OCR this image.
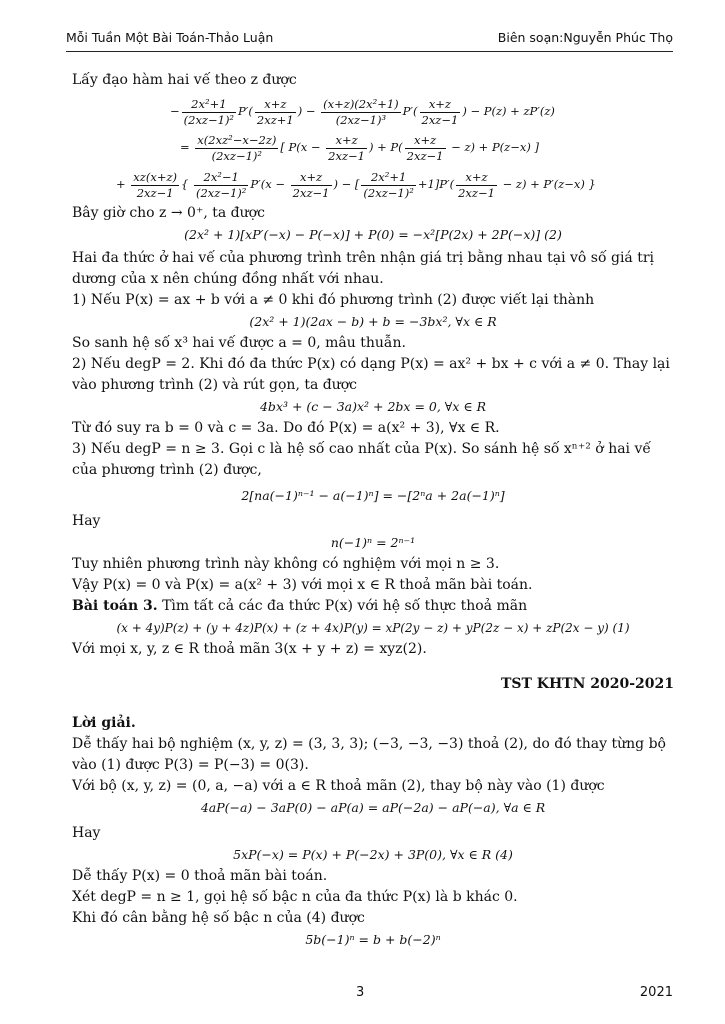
Mỗi Tuần Một Bài Toán-Thảo Luận	Biên soạn:Nguyễn Phúc Thọ

Lấy đạo hàm hai vế theo z được

− $\frac{\text{2x²+1}}{\text{(2xz−1)²}} P'( \frac{x+z}{2xz+1}$ ) − $\frac{\text{(x+z)(2x²+1)}}{\text{(2xz−1)³}} P'( \frac{x+z}{2xz-1}$ ) − P(z) + zP′(z)
= $\frac{\text{x(2xz²−x−2z)}}{\text{(2xz−1)²}}$ [ $P(x - \frac{x+z}{2xz-1}$ ) + $P( \frac{x+z}{2xz-1} - z) + P(z-x)$ ]
+ $\frac{xz(x+z)}{2xz-1}$ { $\frac{\text{2x²−1}}{\text{(2xz−1)²}} P'(x - \frac{x+z}{2xz-1}$ ) − [ $\frac{\text{2x²+1}}{\text{(2xz−1)²}} +1]P'( \frac{x+z}{2xz-1} - z) + P'(z-x)$ }

Bây giờ cho z → 0⁺, ta được

(2x² + 1)[xP′(−x) − P(−x)] + P(0) = −x²[P(2x) + 2P(−x)] (2)

Hai đa thức ở hai vế của phương trình trên nhận giá trị bằng nhau tại vô số giá trị dương của x nên chúng đồng nhất với nhau.

1) Nếu P(x) = ax + b với a ≠ 0 khi đó phương trình (2) được viết lại thành

(2x² + 1)(2ax − b) + b = −3bx², ∀x ∈ R

So sanh hệ số x³ hai vế được a = 0, mâu thuẫn.

2) Nếu degP = 2. Khi đó đa thức P(x) có dạng P(x) = ax² + bx + c với a ≠ 0. Thay lại vào phương trình (2) và rút gọn, ta được

4bx³ + (c − 3a)x² + 2bx = 0, ∀x ∈ R

Từ đó suy ra b = 0 và c = 3a. Do đó P(x) = a(x² + 3), ∀x ∈ R.

3) Nếu degP = n ≥ 3. Gọi c là hệ số cao nhất của P(x). So sánh hệ số xⁿ⁺² ở hai vế của phương trình (2) được,

2[na(−1)ⁿ⁻¹ − a(−1)ⁿ] = −[2ⁿa + 2a(−1)ⁿ]

Hay

n(−1)ⁿ = 2ⁿ⁻¹

Tuy nhiên phương trình này không có nghiệm với mọi n ≥ 3.

Vậy P(x) = 0 và P(x) = a(x² + 3) với mọi x ∈ R thoả mãn bài toán.

Bài toán 3. Tìm tất cả các đa thức P(x) với hệ số thực thoả mãn

(x + 4y)P(z) + (y + 4z)P(x) + (z + 4x)P(y) = xP(2y − z) + yP(2z − x) + zP(2x − y) (1)

Với mọi x, y, z ∈ R thoả mãn 3(x + y + z) = xyz(2).

TST KHTN 2020-2021

Lời giải.

Dễ thấy hai bộ nghiệm (x, y, z) = (3, 3, 3); (−3, −3, −3) thoả (2), do đó thay từng bộ vào (1) được P(3) = P(−3) = 0(3).

Với bộ (x, y, z) = (0, a, −a) với a ∈ R thoả mãn (2), thay bộ này vào (1) được

4aP(−a) − 3aP(0) − aP(a) = aP(−2a) − aP(−a), ∀a ∈ R

Hay

5xP(−x) = P(x) + P(−2x) + 3P(0), ∀x ∈ R (4)

Dễ thấy P(x) = 0 thoả mãn bài toán.

Xét degP = n ≥ 1, gọi hệ số bậc n của đa thức P(x) là b khác 0.

Khi đó cân bằng hệ số bậc n của (4) được

5b(−1)ⁿ = b + b(−2)ⁿ

3	2021
